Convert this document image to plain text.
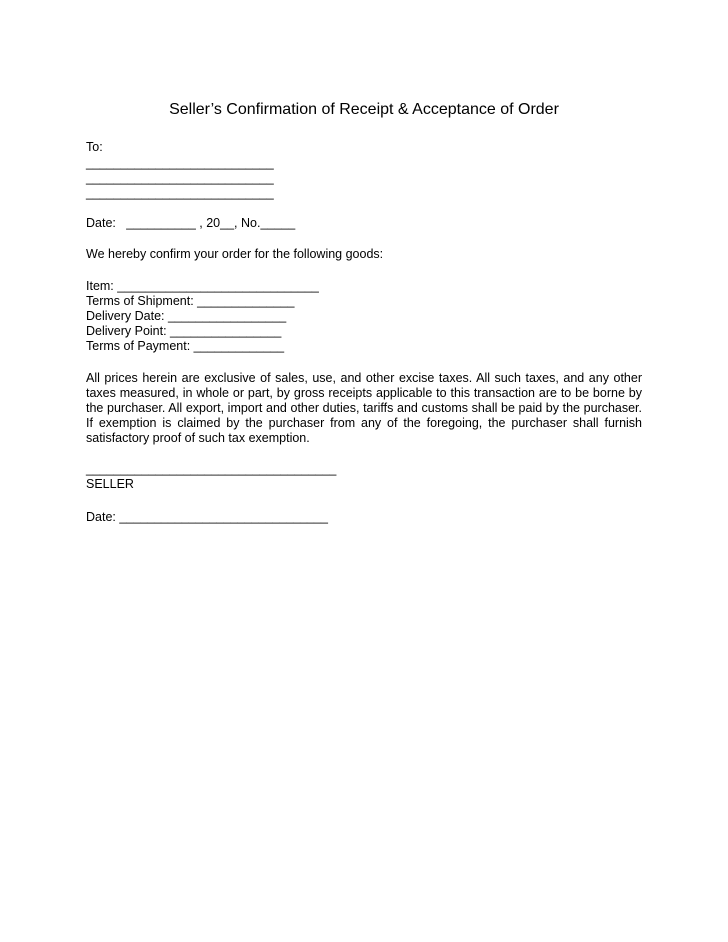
Seller’s Confirmation of Receipt & Acceptance of Order
To:
___________________________
___________________________
___________________________
Date:   __________ , 20__, No._____
We hereby confirm your order for the following goods:
Item: _____________________________
Terms of Shipment: ______________
Delivery Date: _________________
Delivery Point: ________________
Terms of Payment: _____________
All prices herein are exclusive of sales, use, and other excise taxes. All such taxes, and any other taxes measured, in whole or part, by gross receipts applicable to this transaction are to be borne by the purchaser. All export, import and other duties, tariffs and customs shall be paid by the purchaser. If exemption is claimed by the purchaser from any of the foregoing, the purchaser shall furnish satisfactory proof of such tax exemption.
____________________________________
SELLER
Date: ______________________________
